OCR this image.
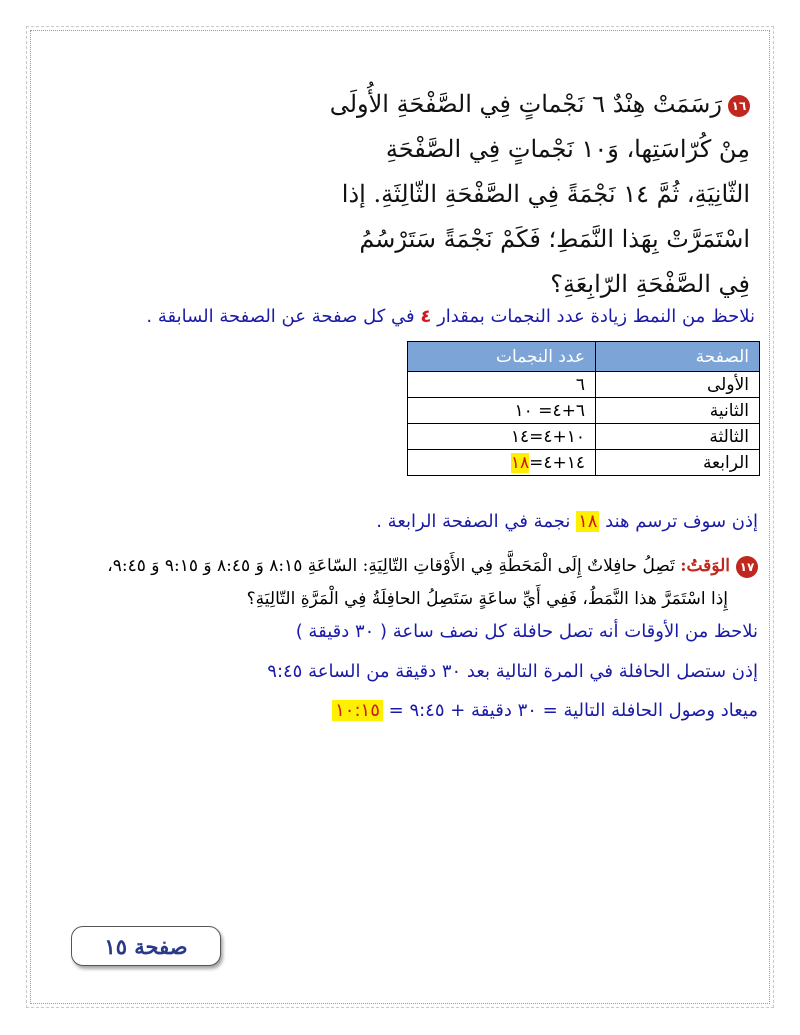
١٦رَسَمَتْ هِنْدٌ ٦ نَجْماتٍ فِي الصَّفْحَةِ الأُولَى
مِنْ كُرّاسَتِها، وَ١٠ نَجْماتٍ فِي الصَّفْحَةِ
الثّانِيَةِ، ثُمَّ ١٤ نَجْمَةً فِي الصَّفْحَةِ الثّالِثَةِ. إذا
اسْتَمَرَّتْ بِهَذا النَّمَطِ؛ فَكَمْ نَجْمَةً سَتَرْسُمُ
فِي الصَّفْحَةِ الرّابِعَةِ؟
نلاحظ من النمط زيادة عدد النجمات بمقدار ٤ في كل صفحة عن الصفحة السابقة .
الصفحة	عدد النجمات
الأولى	٦
الثانية	٦+٤= ١٠
الثالثة	١٠+٤=١٤
الرابعة	١٤+٤=١٨
إذن سوف ترسم هند ١٨ نجمة في الصفحة الرابعة .
١٧الوَقتُ: تَصِلُ حافِلاتٌ إِلَى الْمَحَطَّةِ فِي الأَوْقاتِ التّالِيَةِ: السّاعَةِ ٨:١٥ وَ ٨:٤٥ وَ ٩:١٥ وَ ٩:٤٥،
إِذا اسْتَمَرَّ هذا النَّمَطُ، فَفِي أَيِّ ساعَةٍ سَتَصِلُ الحافِلَةُ فِي الْمَرَّةِ التّالِيَةِ؟
نلاحظ من الأوقات أنه تصل حافلة كل نصف ساعة ( ٣٠ دقيقة )
إذن ستصل الحافلة في المرة التالية بعد ٣٠ دقيقة من الساعة ٩:٤٥
ميعاد وصول الحافلة التالية = ٣٠ دقيقة + ٩:٤٥ = ١٠:١٥
صفحة ١٥
